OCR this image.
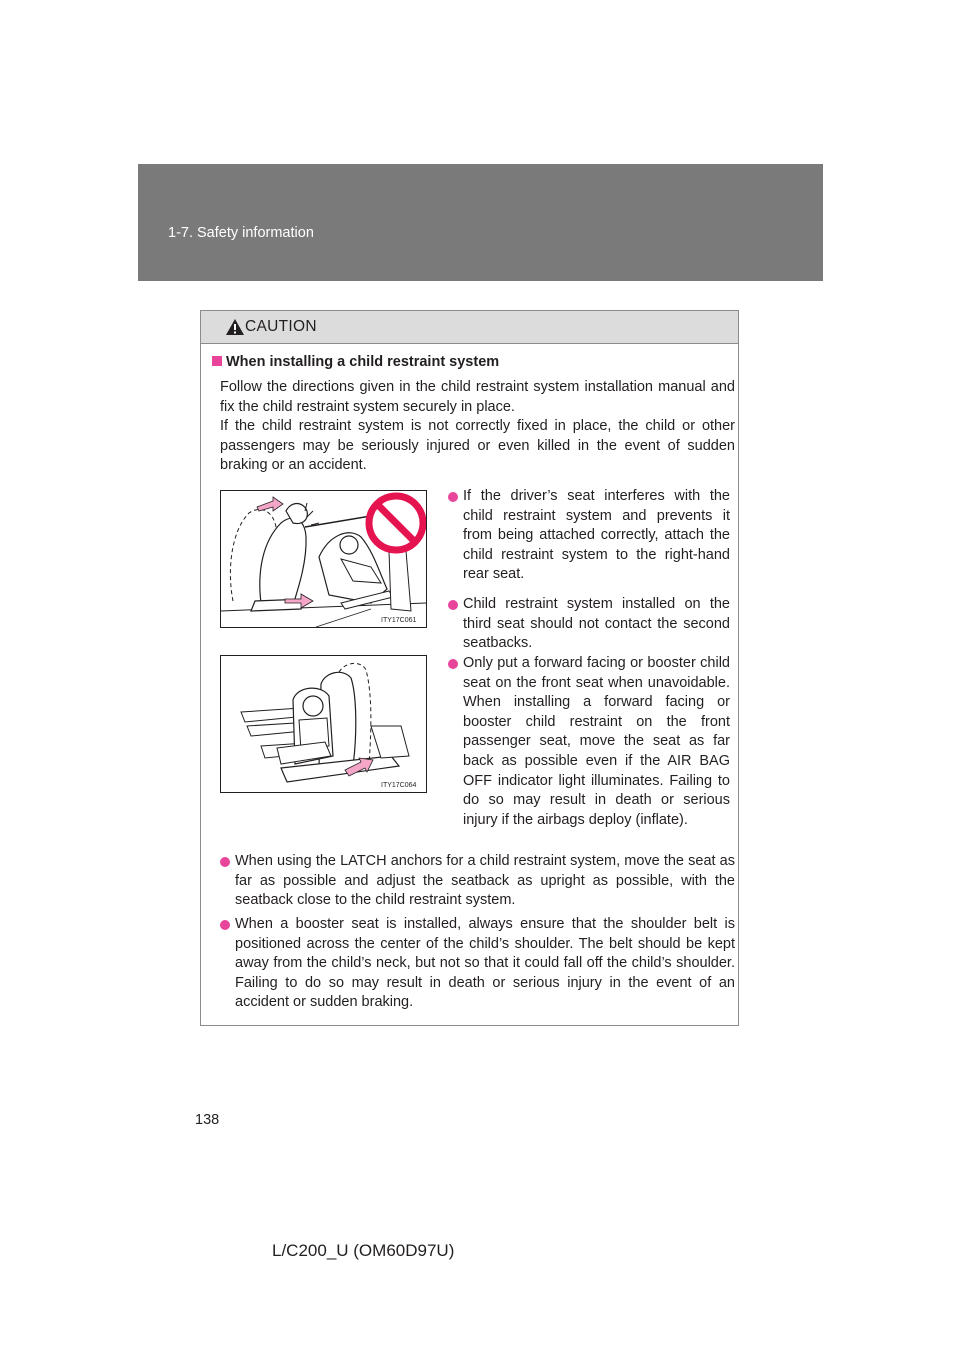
1-7. Safety information
CAUTION
When installing a child restraint system
Follow the directions given in the child restraint system installation manual and fix the child restraint system securely in place.
If the child restraint system is not correctly fixed in place, the child or other passengers may be seriously injured or even killed in the event of sudden braking or an accident.
ITY17C061
ITY17C064
If the driver’s seat interferes with the child restraint system and prevents it from being attached correctly, attach the child restraint system to the right-hand rear seat.
Child restraint system installed on the third seat should not contact the second seatbacks.
Only put a forward facing or booster child seat on the front seat when unavoidable. When installing a forward facing or booster child restraint on the front passenger seat, move the seat as far back as possible even if the AIR BAG OFF indicator light illuminates. Failing to do so may result in death or serious injury if the airbags deploy (inflate).
When using the LATCH anchors for a child restraint system, move the seat as far as possible and adjust the seatback as upright as possible, with the seatback close to the child restraint system.
When a booster seat is installed, always ensure that the shoulder belt is positioned across the center of the child’s shoulder. The belt should be kept away from the child’s neck, but not so that it could fall off the child’s shoulder. Failing to do so may result in death or serious injury in the event of an accident or sudden braking.
138
L/C200_U (OM60D97U)
